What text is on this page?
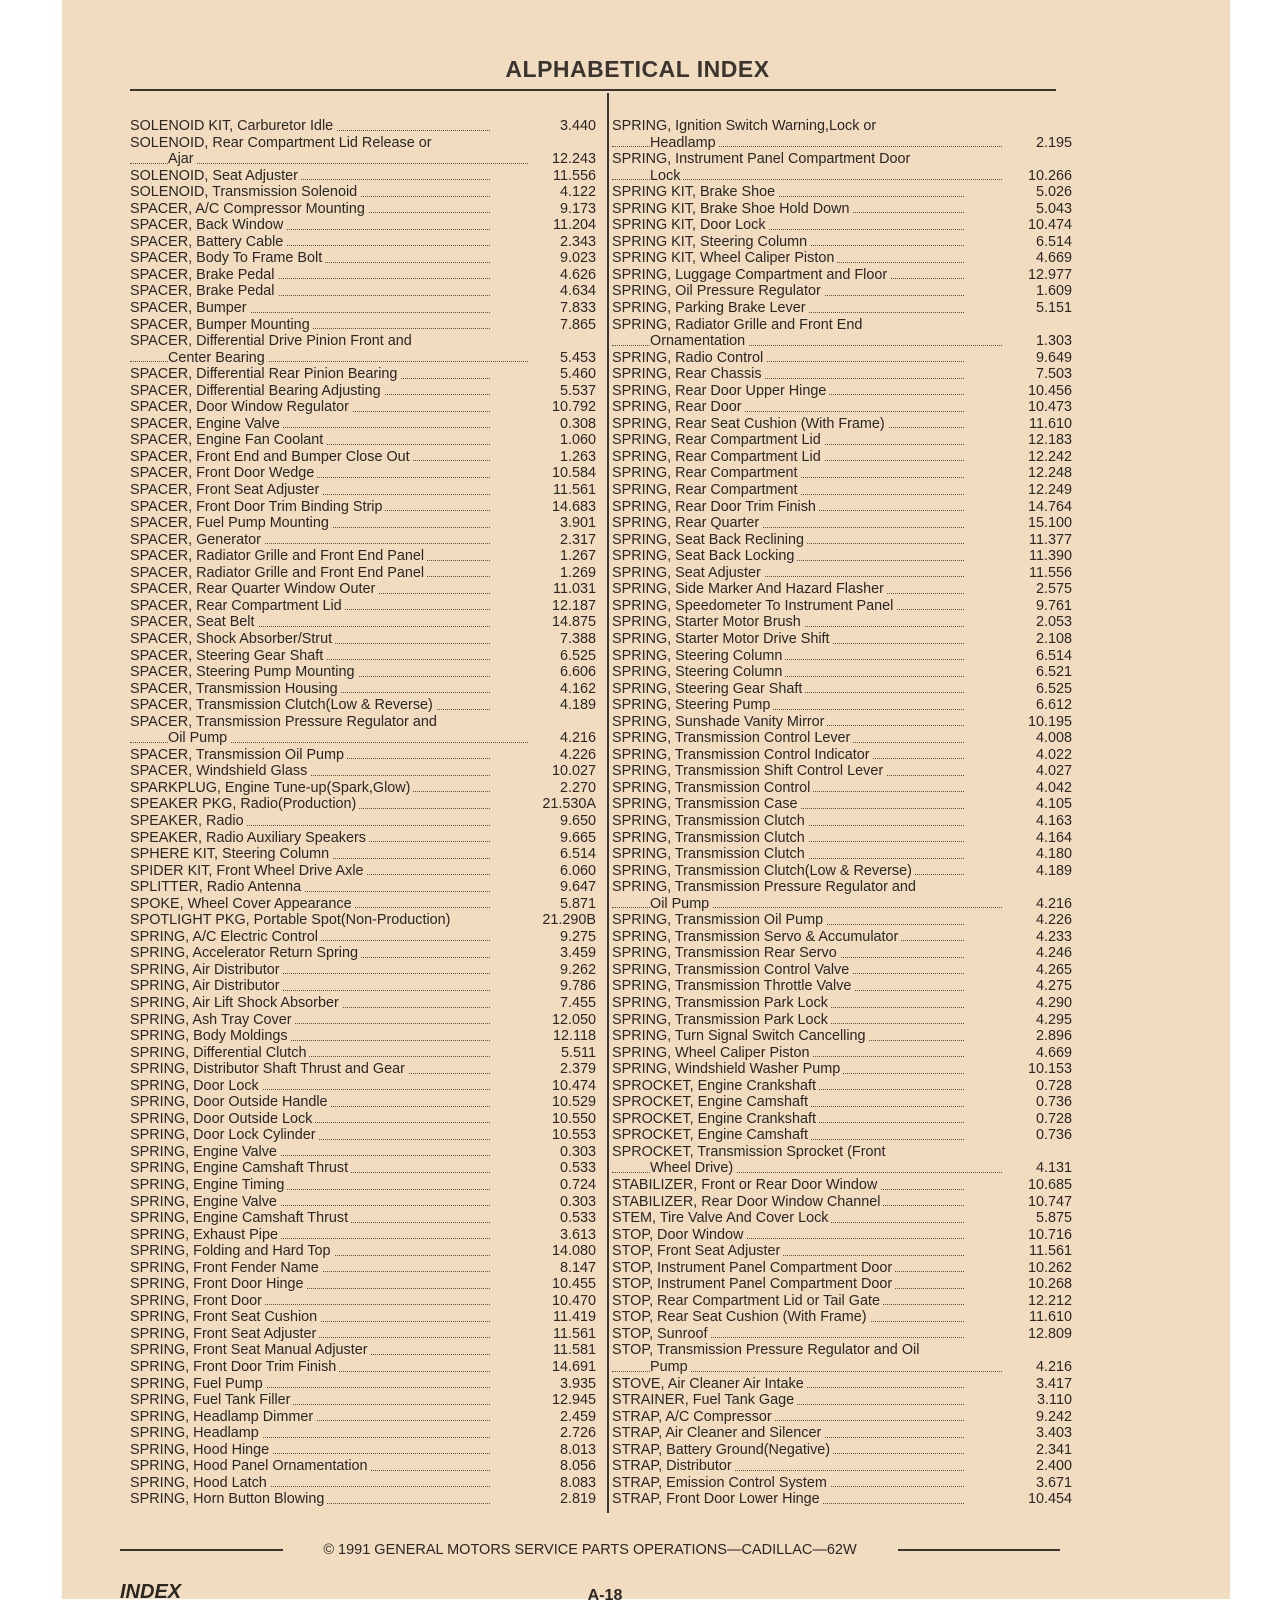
ALPHABETICAL INDEX
SOLENOID KIT, Carburetor Idle	3.440
SOLENOID, Rear Compartment Lid Release or
Ajar	12.243
SOLENOID, Seat Adjuster	11.556
SOLENOID, Transmission Solenoid	4.122
SPACER, A/C Compressor Mounting	9.173
SPACER, Back Window	11.204
SPACER, Battery Cable	2.343
SPACER, Body To Frame Bolt	9.023
SPACER, Brake Pedal	4.626
SPACER, Brake Pedal	4.634
SPACER, Bumper	7.833
SPACER, Bumper Mounting	7.865
SPACER, Differential Drive Pinion Front and
Center Bearing	5.453
SPACER, Differential Rear Pinion Bearing	5.460
SPACER, Differential Bearing Adjusting	5.537
SPACER, Door Window Regulator	10.792
SPACER, Engine Valve	0.308
SPACER, Engine Fan Coolant	1.060
SPACER, Front End and Bumper Close Out	1.263
SPACER, Front Door Wedge	10.584
SPACER, Front Seat Adjuster	11.561
SPACER, Front Door Trim Binding Strip	14.683
SPACER, Fuel Pump Mounting	3.901
SPACER, Generator	2.317
SPACER, Radiator Grille and Front End Panel	1.267
SPACER, Radiator Grille and Front End Panel	1.269
SPACER, Rear Quarter Window Outer	11.031
SPACER, Rear Compartment Lid	12.187
SPACER, Seat Belt	14.875
SPACER, Shock Absorber/Strut	7.388
SPACER, Steering Gear Shaft	6.525
SPACER, Steering Pump Mounting	6.606
SPACER, Transmission Housing	4.162
SPACER, Transmission Clutch(Low & Reverse)	4.189
SPACER, Transmission Pressure Regulator and
Oil Pump	4.216
SPACER, Transmission Oil Pump	4.226
SPACER, Windshield Glass	10.027
SPARKPLUG, Engine Tune-up(Spark,Glow)	2.270
SPEAKER PKG, Radio(Production)	21.530A
SPEAKER, Radio	9.650
SPEAKER, Radio Auxiliary Speakers	9.665
SPHERE KIT, Steering Column	6.514
SPIDER KIT, Front Wheel Drive Axle	6.060
SPLITTER, Radio Antenna	9.647
SPOKE, Wheel Cover Appearance	5.871
SPOTLIGHT PKG, Portable Spot(Non-Production)	21.290B
SPRING, A/C Electric Control	9.275
SPRING, Accelerator Return Spring	3.459
SPRING, Air Distributor	9.262
SPRING, Air Distributor	9.786
SPRING, Air Lift Shock Absorber	7.455
SPRING, Ash Tray Cover	12.050
SPRING, Body Moldings	12.118
SPRING, Differential Clutch	5.511
SPRING, Distributor Shaft Thrust and Gear	2.379
SPRING, Door Lock	10.474
SPRING, Door Outside Handle	10.529
SPRING, Door Outside Lock	10.550
SPRING, Door Lock Cylinder	10.553
SPRING, Engine Valve	0.303
SPRING, Engine Camshaft Thrust	0.533
SPRING, Engine Timing	0.724
SPRING, Engine Valve	0.303
SPRING, Engine Camshaft Thrust	0.533
SPRING, Exhaust Pipe	3.613
SPRING, Folding and Hard Top	14.080
SPRING, Front Fender Name	8.147
SPRING, Front Door Hinge	10.455
SPRING, Front Door	10.470
SPRING, Front Seat Cushion	11.419
SPRING, Front Seat Adjuster	11.561
SPRING, Front Seat Manual Adjuster	11.581
SPRING, Front Door Trim Finish	14.691
SPRING, Fuel Pump	3.935
SPRING, Fuel Tank Filler	12.945
SPRING, Headlamp Dimmer	2.459
SPRING, Headlamp	2.726
SPRING, Hood Hinge	8.013
SPRING, Hood Panel Ornamentation	8.056
SPRING, Hood Latch	8.083
SPRING, Horn Button Blowing	2.819
SPRING, Ignition Switch Warning,Lock or
Headlamp	2.195
SPRING, Instrument Panel Compartment Door
Lock	10.266
SPRING KIT, Brake Shoe	5.026
SPRING KIT, Brake Shoe Hold Down	5.043
SPRING KIT, Door Lock	10.474
SPRING KIT, Steering Column	6.514
SPRING KIT, Wheel Caliper Piston	4.669
SPRING, Luggage Compartment and Floor	12.977
SPRING, Oil Pressure Regulator	1.609
SPRING, Parking Brake Lever	5.151
SPRING, Radiator Grille and Front End
Ornamentation	1.303
SPRING, Radio Control	9.649
SPRING, Rear Chassis	7.503
SPRING, Rear Door Upper Hinge	10.456
SPRING, Rear Door	10.473
SPRING, Rear Seat Cushion (With Frame)	11.610
SPRING, Rear Compartment Lid	12.183
SPRING, Rear Compartment Lid	12.242
SPRING, Rear Compartment	12.248
SPRING, Rear Compartment	12.249
SPRING, Rear Door Trim Finish	14.764
SPRING, Rear Quarter	15.100
SPRING, Seat Back Reclining	11.377
SPRING, Seat Back Locking	11.390
SPRING, Seat Adjuster	11.556
SPRING, Side Marker And Hazard Flasher	2.575
SPRING, Speedometer To Instrument Panel	9.761
SPRING, Starter Motor Brush	2.053
SPRING, Starter Motor Drive Shift	2.108
SPRING, Steering Column	6.514
SPRING, Steering Column	6.521
SPRING, Steering Gear Shaft	6.525
SPRING, Steering Pump	6.612
SPRING, Sunshade Vanity Mirror	10.195
SPRING, Transmission Control Lever	4.008
SPRING, Transmission Control Indicator	4.022
SPRING, Transmission Shift Control Lever	4.027
SPRING, Transmission Control	4.042
SPRING, Transmission Case	4.105
SPRING, Transmission Clutch	4.163
SPRING, Transmission Clutch	4.164
SPRING, Transmission Clutch	4.180
SPRING, Transmission Clutch(Low & Reverse)	4.189
SPRING, Transmission Pressure Regulator and
Oil Pump	4.216
SPRING, Transmission Oil Pump	4.226
SPRING, Transmission Servo & Accumulator	4.233
SPRING, Transmission Rear Servo	4.246
SPRING, Transmission Control Valve	4.265
SPRING, Transmission Throttle Valve	4.275
SPRING, Transmission Park Lock	4.290
SPRING, Transmission Park Lock	4.295
SPRING, Turn Signal Switch Cancelling	2.896
SPRING, Wheel Caliper Piston	4.669
SPRING, Windshield Washer Pump	10.153
SPROCKET, Engine Crankshaft	0.728
SPROCKET, Engine Camshaft	0.736
SPROCKET, Engine Crankshaft	0.728
SPROCKET, Engine Camshaft	0.736
SPROCKET, Transmission Sprocket (Front
Wheel Drive)	4.131
STABILIZER, Front or Rear Door Window	10.685
STABILIZER, Rear Door Window Channel	10.747
STEM, Tire Valve And Cover Lock	5.875
STOP, Door Window	10.716
STOP, Front Seat Adjuster	11.561
STOP, Instrument Panel Compartment Door	10.262
STOP, Instrument Panel Compartment Door	10.268
STOP, Rear Compartment Lid or Tail Gate	12.212
STOP, Rear Seat Cushion (With Frame)	11.610
STOP, Sunroof	12.809
STOP, Transmission Pressure Regulator and Oil
Pump	4.216
STOVE, Air Cleaner Air Intake	3.417
STRAINER, Fuel Tank Gage	3.110
STRAP, A/C Compressor	9.242
STRAP, Air Cleaner and Silencer	3.403
STRAP, Battery Ground(Negative)	2.341
STRAP, Distributor	2.400
STRAP, Emission Control System	3.671
STRAP, Front Door Lower Hinge	10.454
© 1991 GENERAL MOTORS SERVICE PARTS OPERATIONS—CADILLAC—62W
INDEX	A-18
